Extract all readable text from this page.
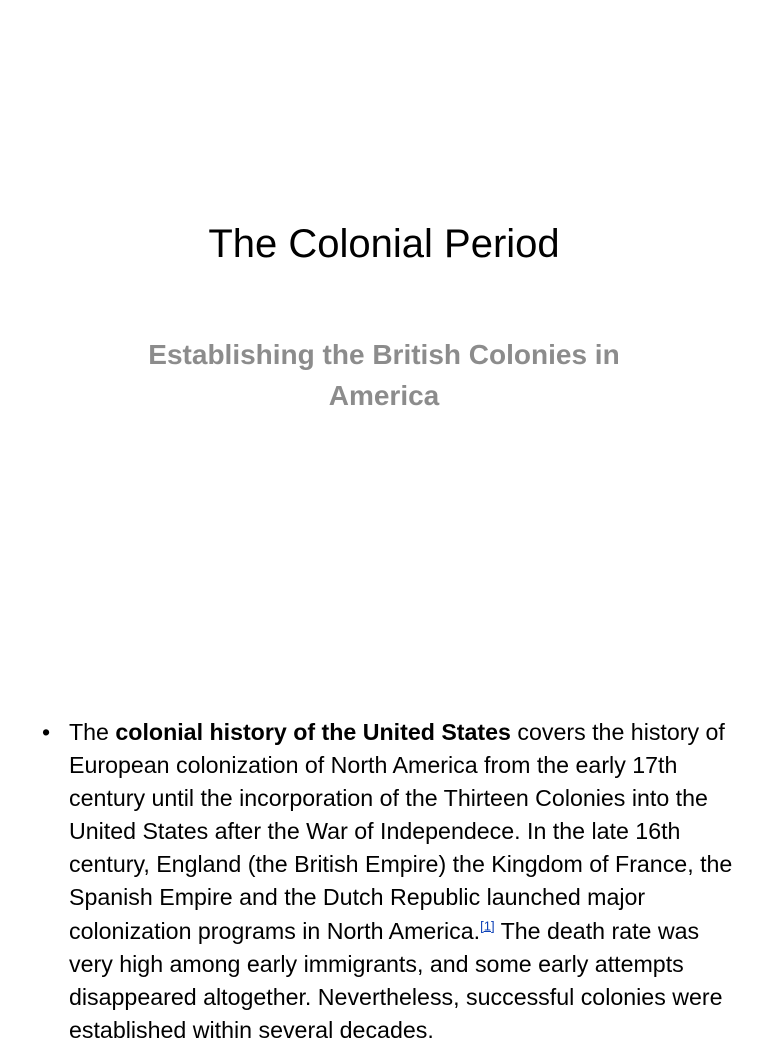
The Colonial Period
Establishing the British Colonies in America
• The colonial history of the United States covers the history of European colonization of North America from the early 17th century until the incorporation of the Thirteen Colonies into the United States after the War of Independece. In the late 16th century, England (the British Empire) the Kingdom of France, the Spanish Empire and the Dutch Republic launched major colonization programs in North America.[1] The death rate was very high among early immigrants, and some early attempts disappeared altogether. Nevertheless, successful colonies were established within several decades.
